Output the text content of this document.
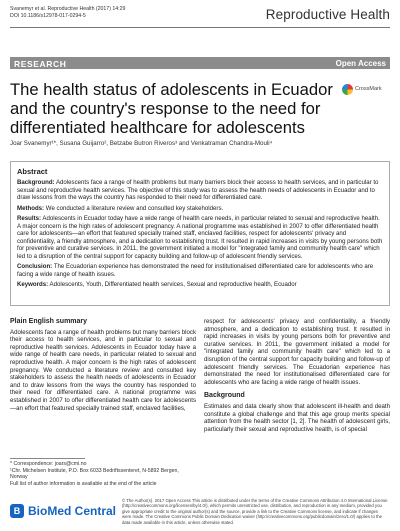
Svanemyr et al. Reproductive Health (2017) 14:29
DOI 10.1186/s12978-017-0294-5	Reproductive Health
RESEARCH	Open Access
The health status of adolescents in Ecuador and the country's response to the need for differentiated healthcare for adolescents
CrossMark
Joar Svanemyr¹*, Susana Guijarro², Betzabe Butron Riveros³ and Venkatraman Chandra-Mouli⁴
Abstract

Background: Adolescents face a range of health problems but many barriers block their access to health services, and in particular to sexual and reproductive health services. The objective of this study was to assess the health needs of adolescents in Ecuador and to draw lessons from the ways the country has responded to their need for differentiated care.

Methods: We conducted a literature review and consulted key stakeholders.

Results: Adolescents in Ecuador today have a wide range of health care needs, in particular related to sexual and reproductive health. A major concern is the high rates of adolescent pregnancy. A national programme was established in 2007 to offer differentiated health care for adolescents—an effort that featured specially trained staff, enclaved facilities, respect for adolescents' privacy and confidentiality, a friendly atmosphere, and a dedication to establishing trust. It resulted in rapid increases in visits by young persons both for preventive and curative services. In 2011, the government initiated a model for "integrated family and community health care" which led to a disruption of the central support for capacity building and follow-up of adolescent friendly services.

Conclusion: The Ecuadorian experience has demonstrated the need for institutionalised differentiated care for adolescents who are facing a wide range of health issues.

Keywords: Adolescents, Youth, Differentiated health services, Sexual and reproductive health, Ecuador

Plain English summary

Adolescents face a range of health problems but many barriers block their access to health services, and in particular to sexual and reproductive health services. Adolescents in Ecuador today have a wide range of health care needs, in particular related to sexual and reproductive health. A major concern is the high rates of adolescent pregnancy. We conducted a literature review and consulted key stakeholders to assess the health needs of adolescents in Ecuador and to draw lessons from the ways the country has responded to their need for differentiated care. A national programme was established in 2007 to offer differentiated health care for adolescents—an effort that featured specially trained staff, enclaved facilities,

respect for adolescents' privacy and confidentiality, a friendly atmosphere, and a dedication to establishing trust. It resulted in rapid increases in visits by young persons both for preventive and curative services. In 2011, the government initiated a model for "integrated family and community health care" which led to a disruption of the central support for capacity building and follow-up of adolescent friendly services. The Ecuadorian experience has demonstrated the need for institutionalised differentiated care for adolescents who are facing a wide range of health issues.

Background

Estimates and data clearly show that adolescent ill-health and death constitute a global challenge and that this age group merits special attention from the health sector [1, 2]. The health of adolescent girls, particularly their sexual and reproductive health, is of special

* Correspondence: joars@cmi.no
¹Chr. Michelsen Institute, P.O. Box 6033 Bedriftssenteret, N-5892 Bergen, Norway
Full list of author information is available at the end of the article
B BioMed Central
© The Author(s). 2017 Open Access This article is distributed under the terms of the Creative Commons Attribution 4.0 International License (http://creativecommons.org/licenses/by/4.0/), which permits unrestricted use, distribution, and reproduction in any medium, provided you give appropriate credit to the original author(s) and the source, provide a link to the Creative Commons license, and indicate if changes were made. The Creative Commons Public Domain Dedication waiver (http://creativecommons.org/publicdomain/zero/1.0/) applies to the data made available in this article, unless otherwise stated.
